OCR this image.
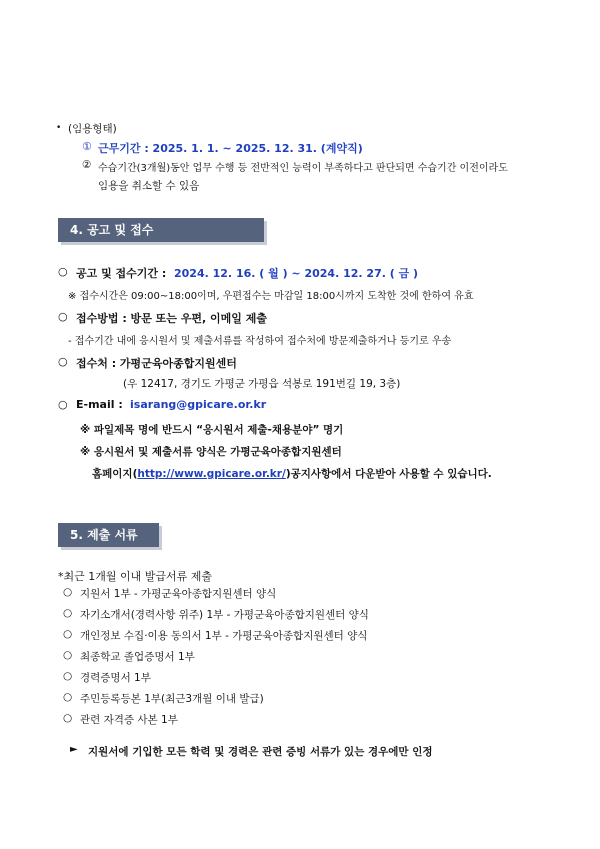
• (임용형태)
① 근무기간 : 2025. 1. 1. ~ 2025. 12. 31. (계약직)
② 수습기간(3개월)동안 업무 수행 등 전반적인 능력이 부족하다고 판단되면 수습기간 이전이라도
임용을 취소할 수 있음
4. 공고 및 접수
○ 공고 및 접수기간 : 2024. 12. 16. ( 월 ) ~ 2024. 12. 27. ( 금 )
※ 접수시간은 09:00~18:00이며, 우편접수는 마감일 18:00시까지 도착한 것에 한하여 유효
○ 접수방법 : 방문 또는 우편, 이메일 제출
- 접수기간 내에 응시원서 및 제출서류를 작성하여 접수처에 방문제출하거나 등기로 우송
○ 접수처 : 가평군육아종합지원센터
(우 12417, 경기도 가평군 가평읍 석봉로 191번길 19, 3층)
○ E-mail : isarang@gpicare.or.kr
※ 파일제목 명에 반드시 “응시원서 제출-채용분야” 명기
※ 응시원서 및 제출서류 양식은 가평군육아종합지원센터
홈페이지(http://www.gpicare.or.kr/)공지사항에서 다운받아 사용할 수 있습니다.
5. 제출 서류
*최근 1개월 이내 발급서류 제출
○ 지원서 1부 - 가평군육아종합지원센터 양식
○ 자기소개서(경력사항 위주) 1부 - 가평군육아종합지원센터 양식
○ 개인정보 수집·이용 동의서 1부 - 가평군육아종합지원센터 양식
○ 최종학교 졸업증명서 1부
○ 경력증명서 1부
○ 주민등록등본 1부(최근3개월 이내 발급)
○ 관련 자격증 사본 1부
► 지원서에 기입한 모든 학력 및 경력은 관련 증빙 서류가 있는 경우에만 인정
